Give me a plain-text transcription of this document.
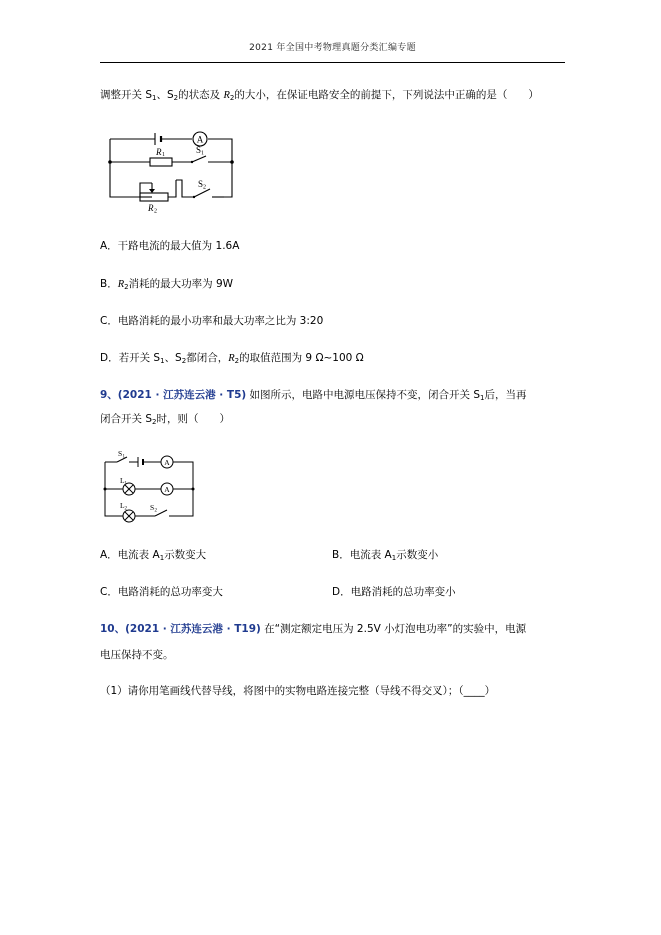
2021 年全国中考物理真题分类汇编专题
调整开关 $S_1$、$S_2$的状态及 $R_2$的大小，在保证电路安全的前提下，下列说法中正确的是（　　）
A
R 1	S 1
S 2
R 2
A．干路电流的最大值为 1.6A
B．$R_2$消耗的最大功率为 9W
C．电路消耗的最小功率和最大功率之比为 3:20
D．若开关 $S_1$、$S_2$都闭合，$R_2$的取值范围为 9 Ω~100 Ω
9、(2021 · 江苏连云港 · T5) 如图所示，电路中电源电压保持不变，闭合开关 $S_1$后，当再
闭合开关 $S_2$时，则（　　）
S 1
A
L 1
A
L 2	S 2
A．电流表 $A_1$示数变大	B．电流表 $A_1$示数变小
C．电路消耗的总功率变大	D．电路消耗的总功率变小
10、(2021 · 江苏连云港 · T19) 在“测定额定电压为 2.5V 小灯泡电功率”的实验中，电源
电压保持不变。
（1）请你用笔画线代替导线，将图中的实物电路连接完整（导线不得交叉）；（____）
